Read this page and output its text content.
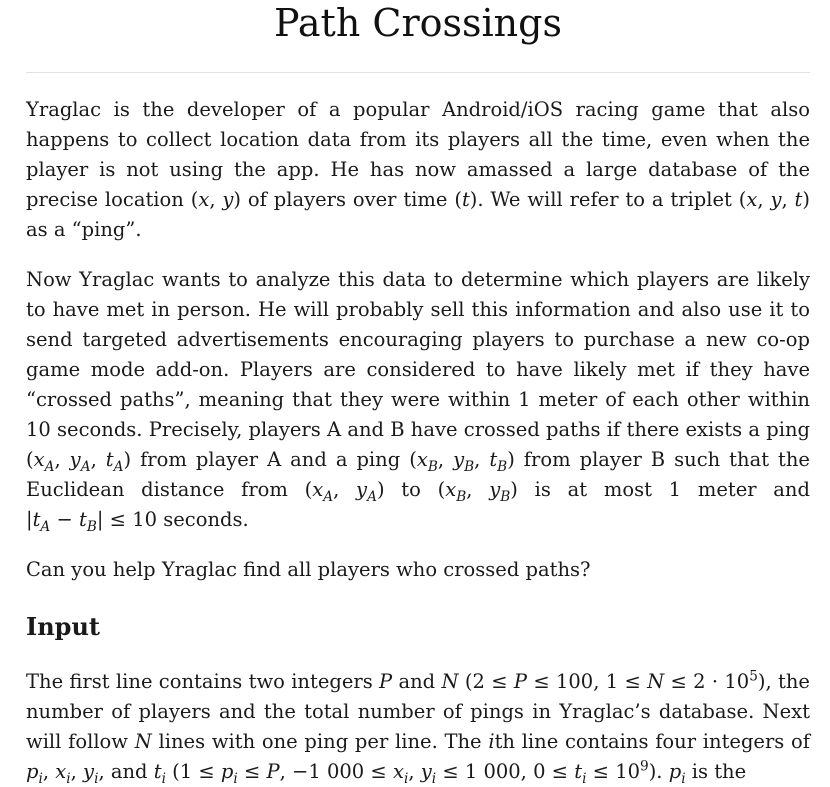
Path Crossings

Yraglac is the developer of a popular Android/iOS racing game that also happens to collect location data from its players all the time, even when the player is not using the app. He has now amassed a large database of the precise location (x, y) of players over time (t). We will refer to a triplet (x, y, t) as a “ping”.

Now Yraglac wants to analyze this data to determine which players are likely to have met in person. He will probably sell this information and also use it to send targeted advertisements encouraging players to purchase a new co-op game mode add-on. Players are considered to have likely met if they have “crossed paths”, meaning that they were within 1 meter of each other within 10 seconds. Precisely, players A and B have crossed paths if there exists a ping ($x_A$, $y_A$, $t_A$) from player A and a ping ($x_B$, $y_B$, $t_B$) from player B such that the Euclidean distance from ($x_A$, $y_A$) to ($x_B$, $y_B$) is at most 1 meter and $|t_A - t_B| \le 10$ seconds.

Can you help Yraglac find all players who crossed paths?

Input

The first line contains two integers P and N (2 ≤ P ≤ 100, $1 \le N \le 2 \cdot 10^5$), the number of players and the total number of pings in Yraglac’s database. Next will follow N lines with one ping per line. The ith line contains four integers of $p_i$, $x_i$, $y_i$, and $t_i$ ($1 \le p_i \le P$, −1 $000 \le x_i$, $y_i \le 1$ 000, $0 \le t_i \le 10^9$). $p_i$ is the
